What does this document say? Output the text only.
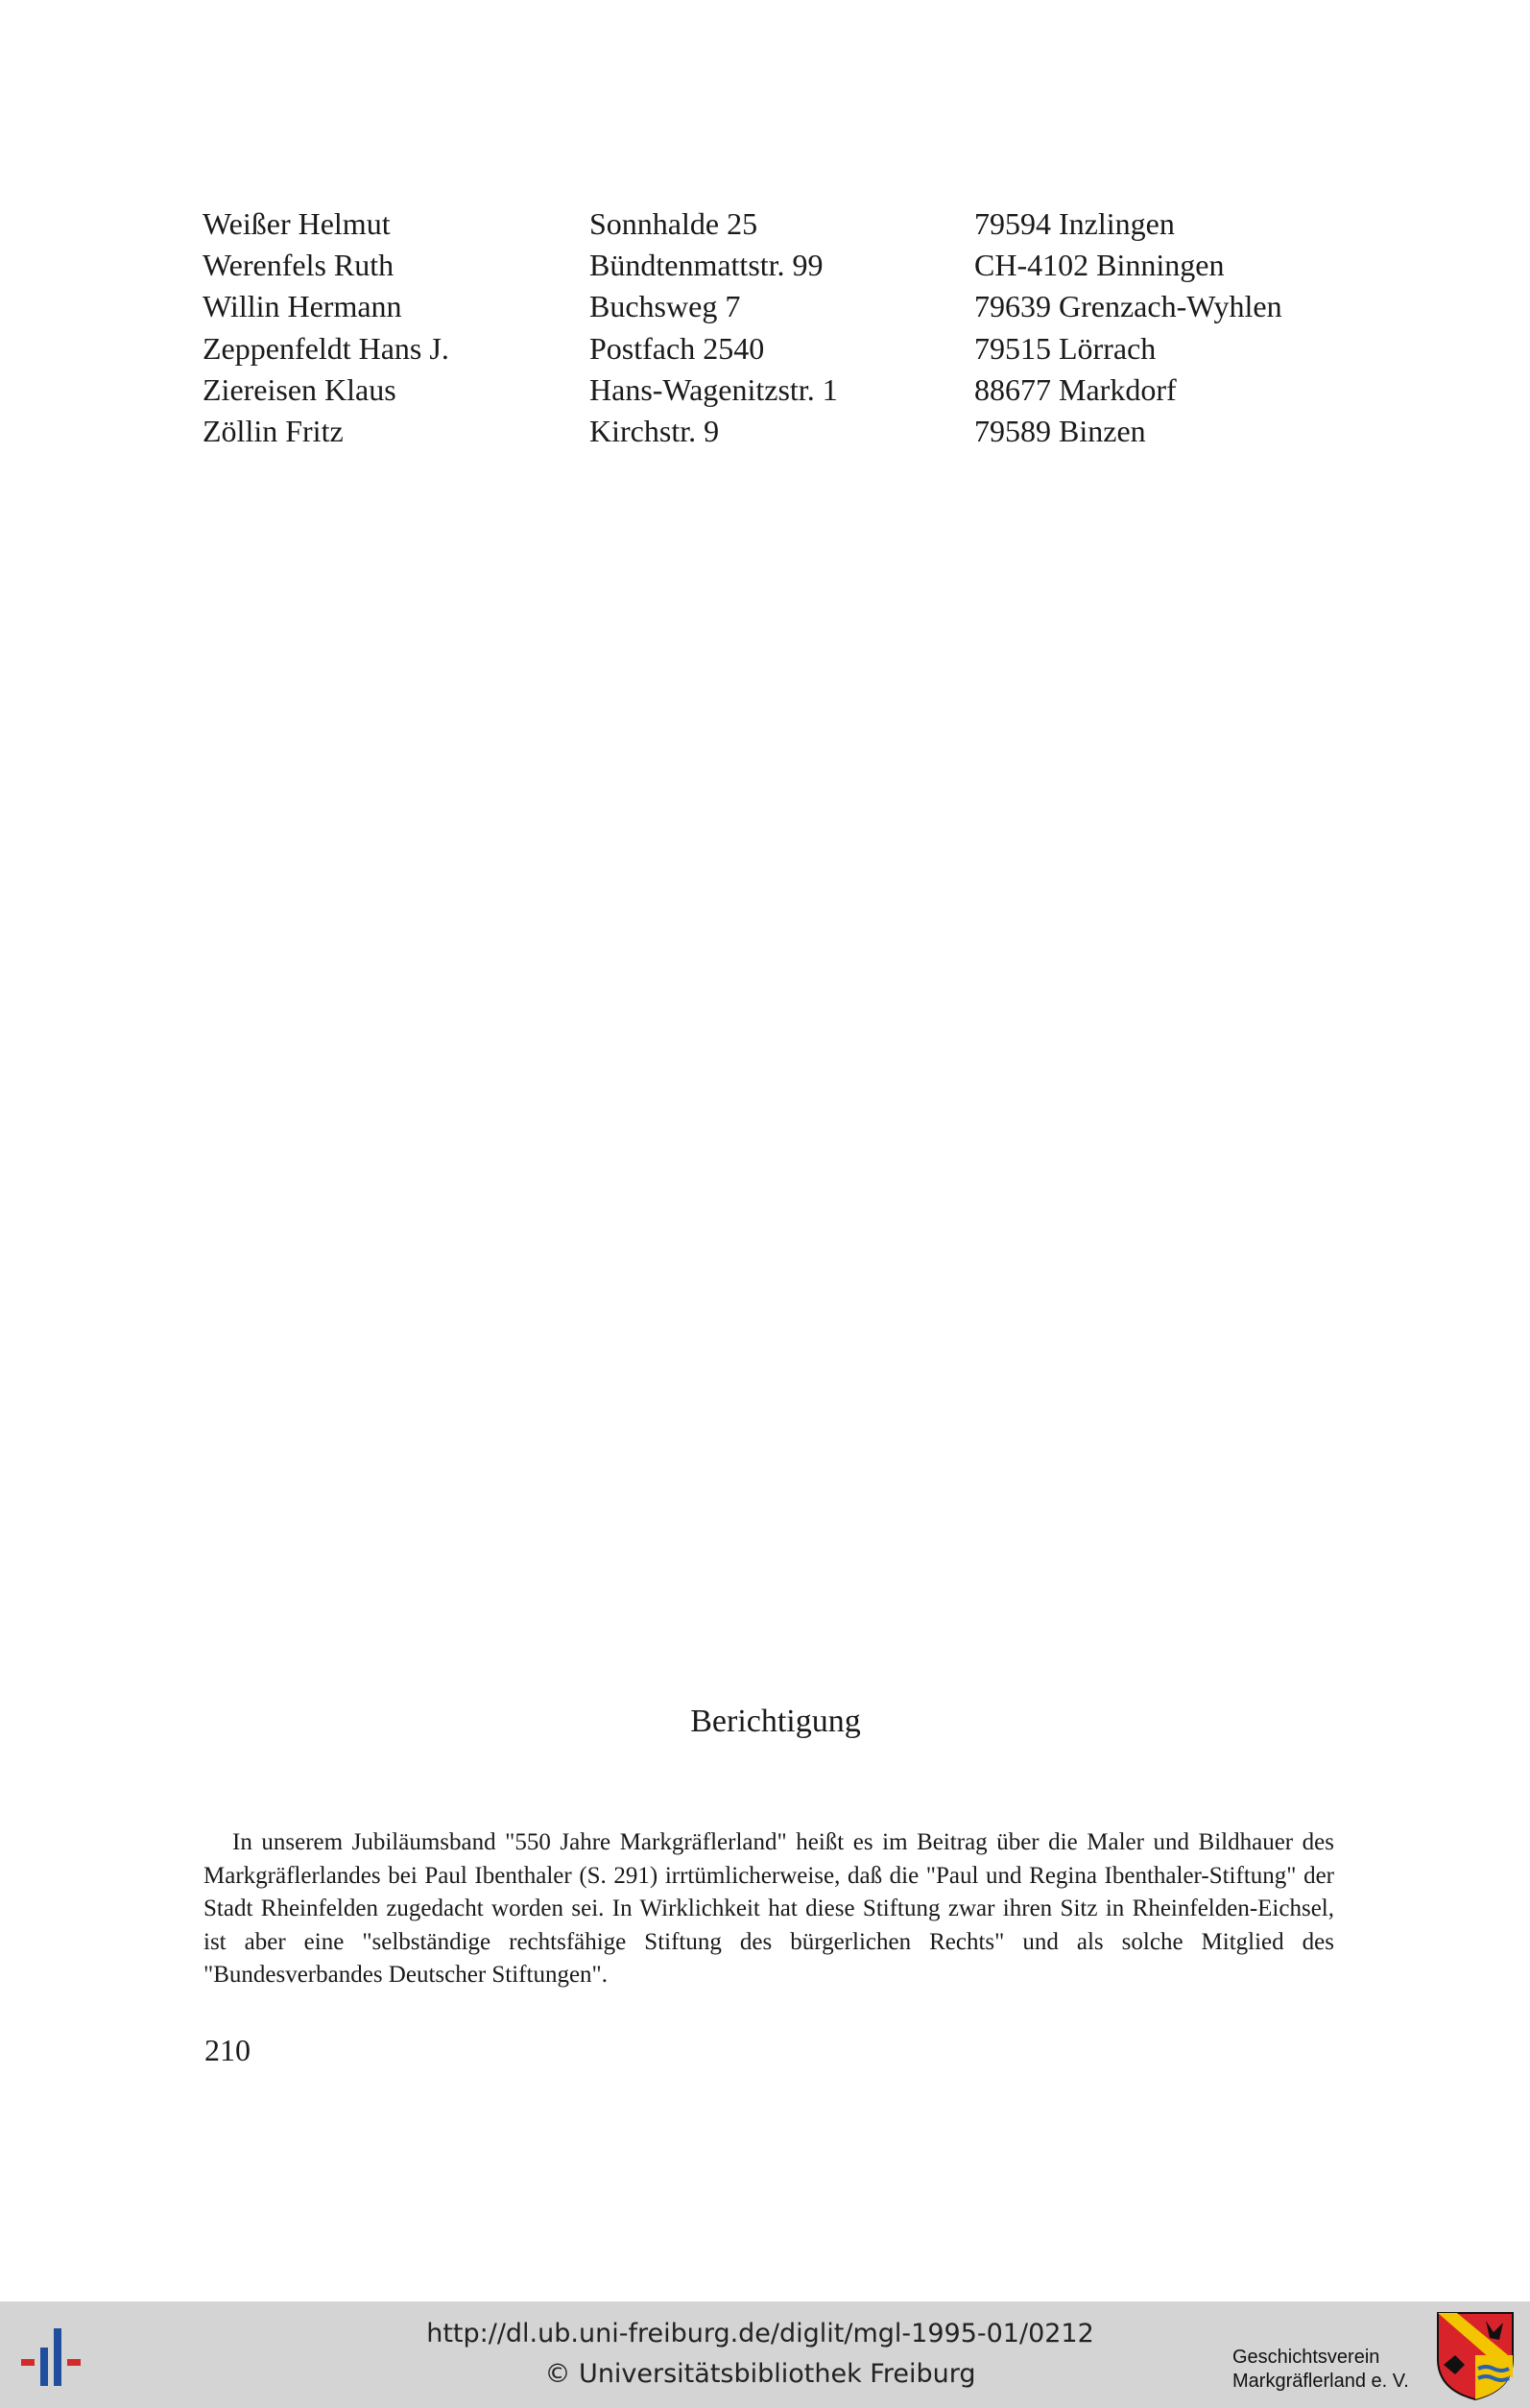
Weißer Helmut	Sonnhalde 25	79594 Inzlingen
Werenfels Ruth	Bündtenmattstr. 99	CH-4102 Binningen
Willin Hermann	Buchsweg 7	79639 Grenzach-Wyhlen
Zeppenfeldt Hans J.	Postfach 2540	79515 Lörrach
Ziereisen Klaus	Hans-Wagenitzstr. 1	88677 Markdorf
Zöllin Fritz	Kirchstr. 9	79589 Binzen
Berichtigung

In unserem Jubiläumsband "550 Jahre Markgräflerland" heißt es im Beitrag über die Maler und Bildhauer des Markgräflerlandes bei Paul Ibenthaler (S. 291) irrtümlicherweise, daß die "Paul und Regina Ibenthaler-Stiftung" der Stadt Rheinfelden zugedacht worden sei. In Wirklichkeit hat diese Stiftung zwar ihren Sitz in Rheinfelden-Eichsel, ist aber eine "selbständige rechtsfähige Stiftung des bürgerlichen Rechts" und als solche Mitglied des "Bundesverbandes Deutscher Stiftungen".

210
http://dl.ub.uni-freiburg.de/diglit/mgl-1995-01/0212
© Universitätsbibliothek Freiburg
Geschichtsverein
Markgräflerland e. V.
